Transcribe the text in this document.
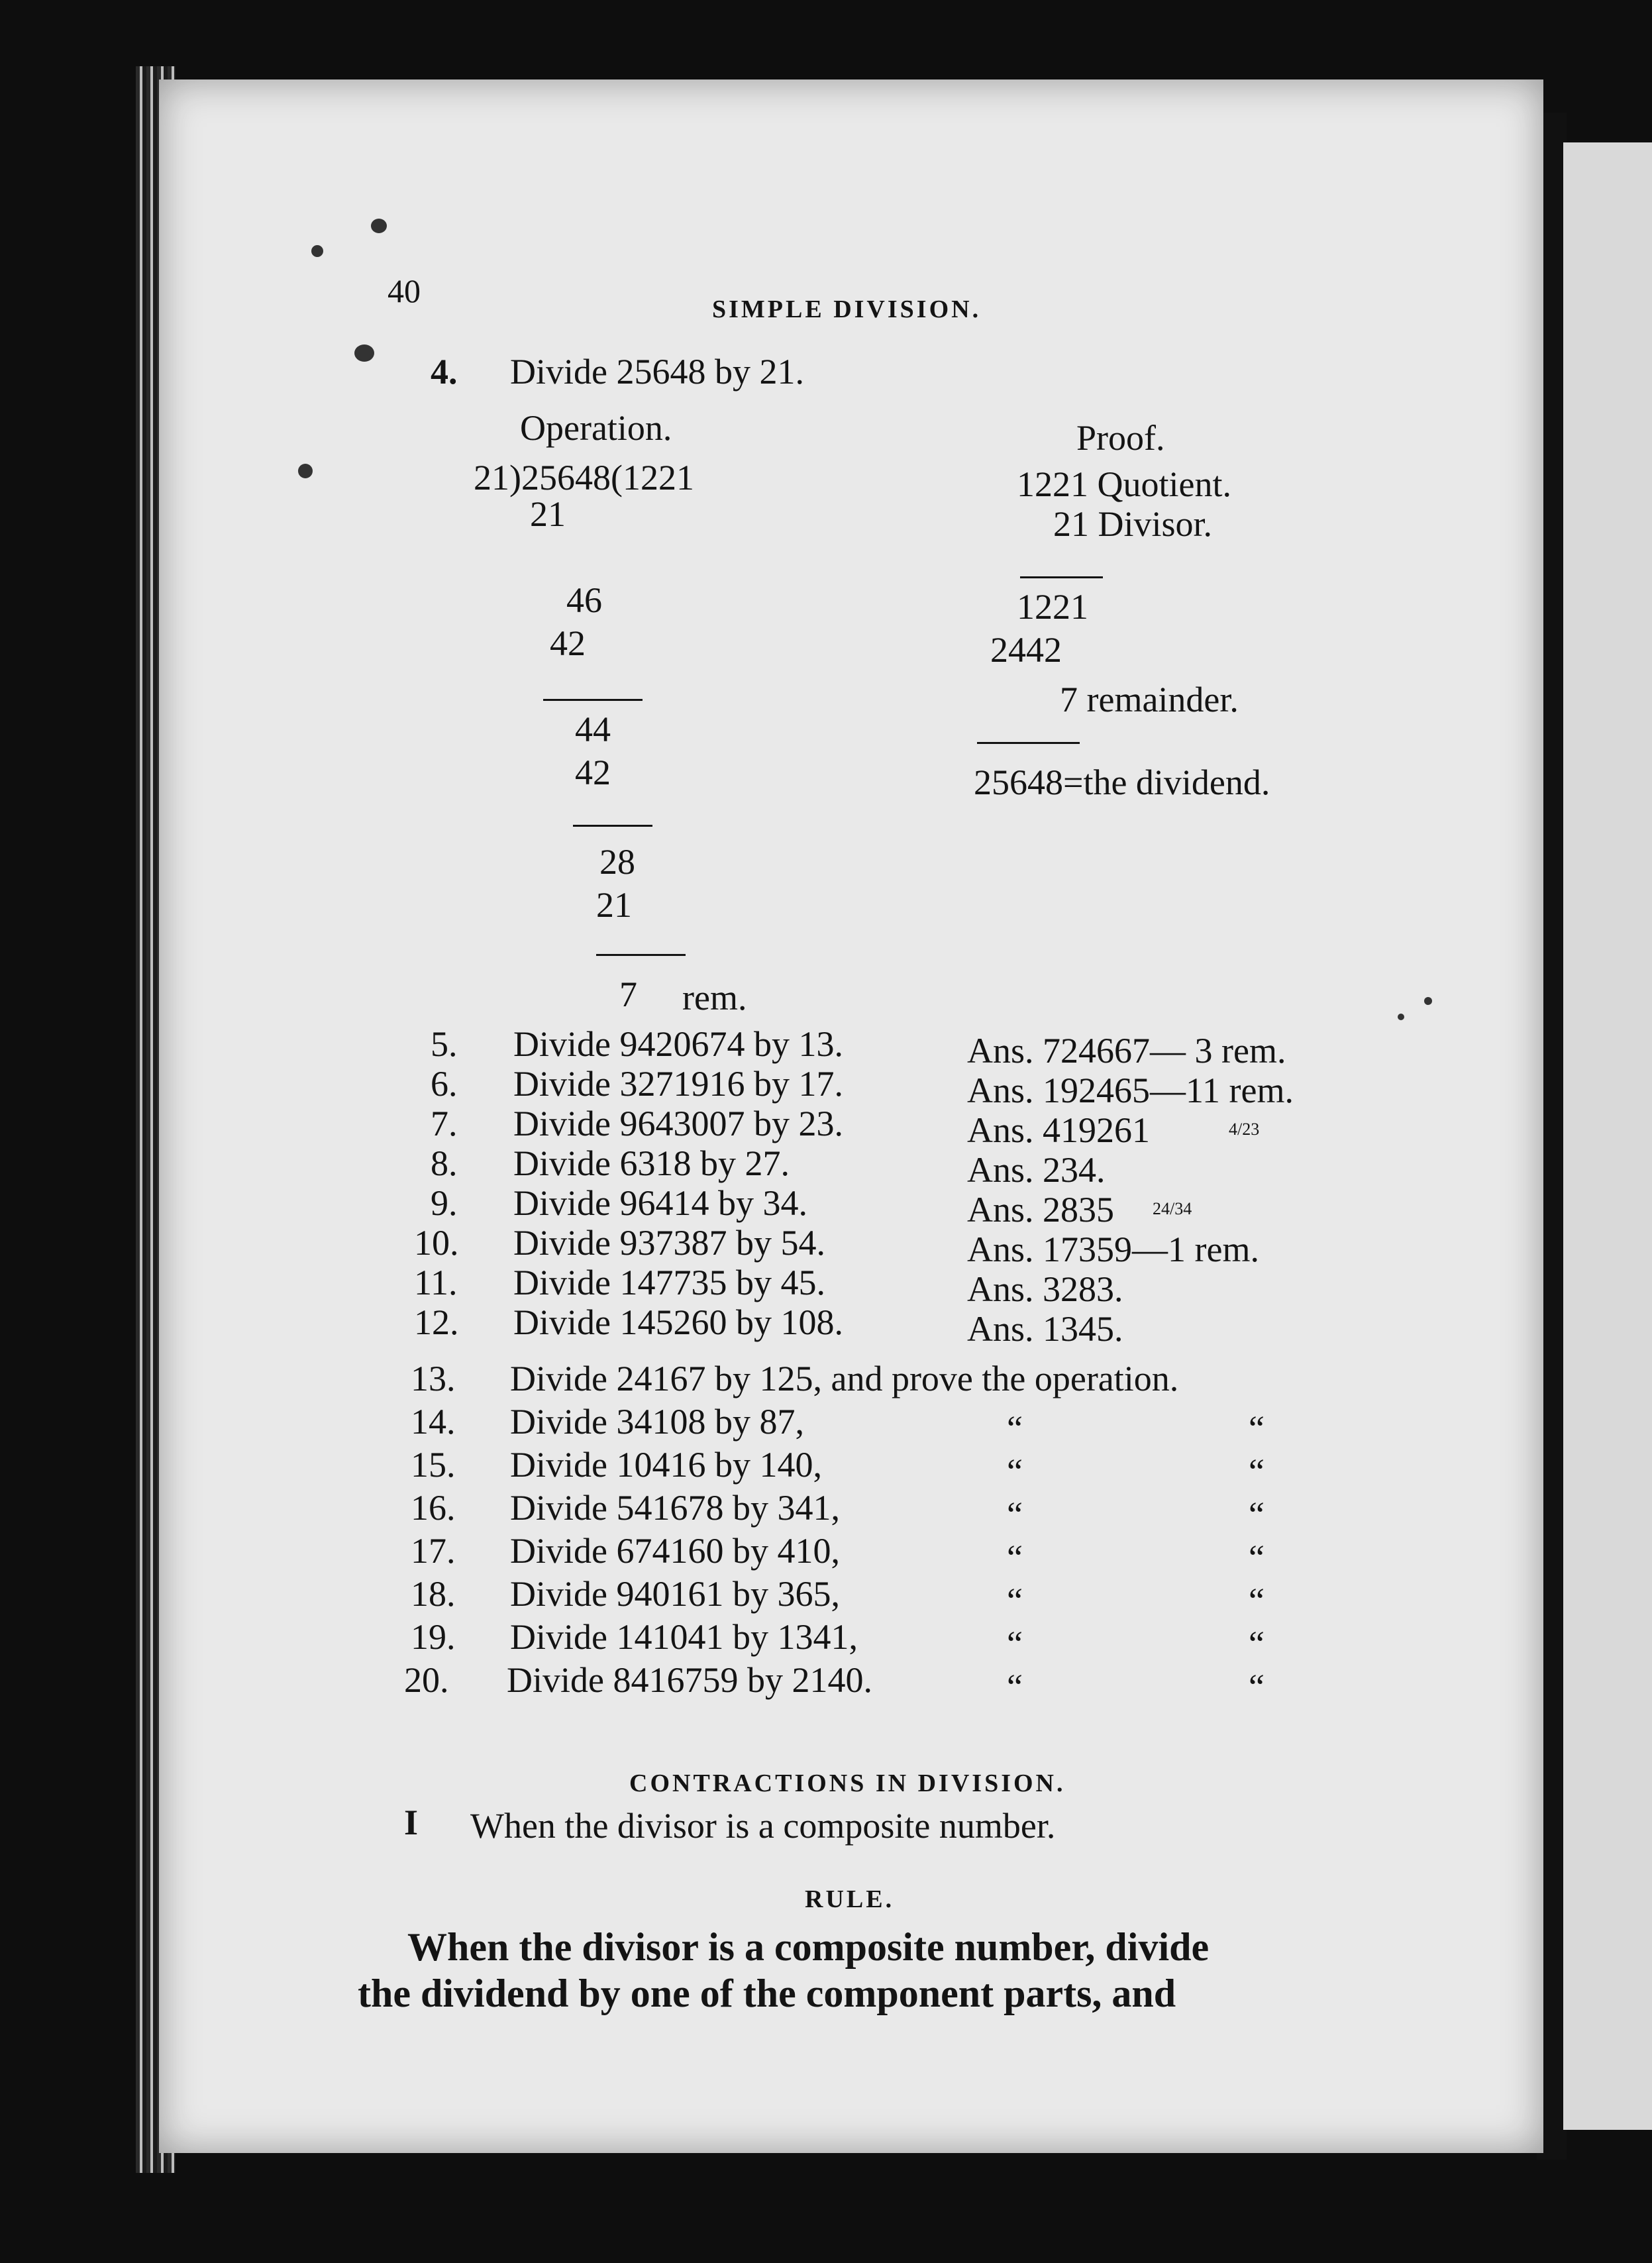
40	SIMPLE DIVISION.
4. Divide 25648 by 21.
Operation.	Proof.
21)25648(1221
21
46
42
44
42
28
21
7 rem.
1221 Quotient.
21 Divisor.
1221
2442
7 remainder.
25648=the dividend.
5. Divide 9420674 by 13.	Ans. 724667— 3 rem.
6. Divide 3271916 by 17.	Ans. 192465—11 rem.
7. Divide 9643007 by 23.	Ans. 419261	4/23
8. Divide 6318 by 27.	Ans. 234.
9. Divide 96414 by 34.	Ans. 2835 24/34
10. Divide 937387 by 54.	Ans. 17359—1 rem.
11. Divide 147735 by 45.	Ans. 3283.
12. Divide 145260 by 108.	Ans. 1345.
13. Divide 24167 by 125, and prove the operation.
14. Divide 34108 by 87,	“	“
15. Divide 10416 by 140,	“	“
16. Divide 541678 by 341,	“	“
17. Divide 674160 by 410,	“	“
18. Divide 940161 by 365,	“	“
19. Divide 141041 by 1341,	“	“
20. Divide 8416759 by 2140.	“	“
CONTRACTIONS IN DIVISION.
I When the divisor is a composite number.
RULE.
When the divisor is a composite number, divide
the dividend by one of the component parts, and
